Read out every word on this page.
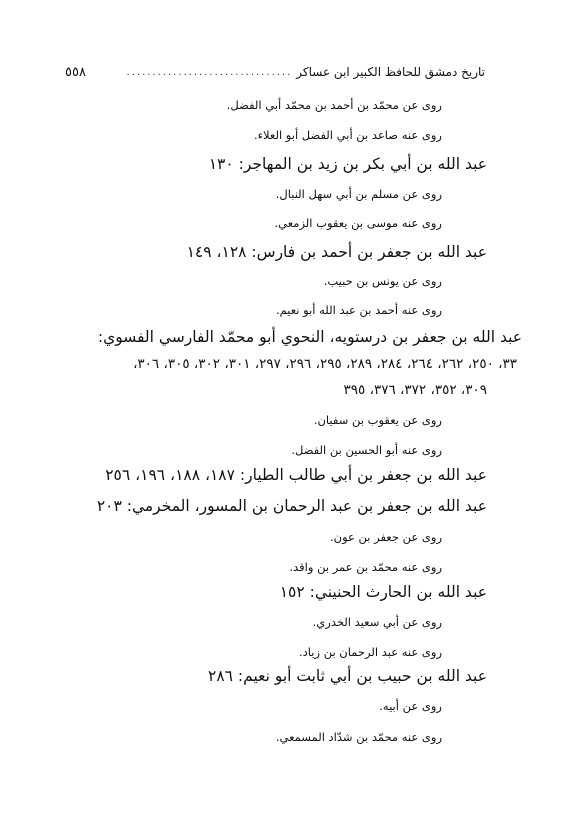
تاريخ دمشق للحافظ الكبير ابن عساكر
................................
٥٥٨
روى عن محمّد بن أحمد بن محمّد أبي الفضل.
روى عنه صاعد بن أبي الفضل أبو العلاء.
عبد الله بن أبي بكر بن زيد بن المهاجر: ١٣٠
روى عن مسلم بن أبي سهل النبال.
روى عنه موسى بن يعقوب الزمعي.
عبد الله بن جعفر بن أحمد بن فارس: ١٢٨، ١٤٩
روى عن يونس بن حبيب.
روى عنه أحمد بن عبد الله أبو نعيم.
عبد الله بن جعفر بن درستويه، النحوي أبو محمّد الفارسي الفسوي:
٣٣، ٢٥٠، ٢٦٢، ٢٦٤، ٢٨٤، ٢٨٩، ٢٩٥، ٢٩٦، ٢٩٧، ٣٠١، ٣٠٢، ٣٠٥، ٣٠٦،
٣٠٩، ٣٥٢، ٣٧٢، ٣٧٦، ٣٩٥
روى عن يعقوب بن سفيان.
روى عنه أبو الحسين بن الفضل.
عبد الله بن جعفر بن أبي طالب الطيار: ١٨٧، ١٨٨، ١٩٦، ٢٥٦
عبد الله بن جعفر بن عبد الرحمان بن المسور، المخرمي: ٢٠٣
روى عن جعفر بن عون.
روى عنه محمّد بن عمر بن واقد.
عبد الله بن الحارث الحنيني: ١٥٢
روى عن أبي سعيد الخدري.
روى عنه عبد الرحمان بن زياد.
عبد الله بن حبيب بن أبي ثابت أبو نعيم: ٢٨٦
روى عن أبيه.
روى عنه محمّد بن شدّاد المسمعي.
